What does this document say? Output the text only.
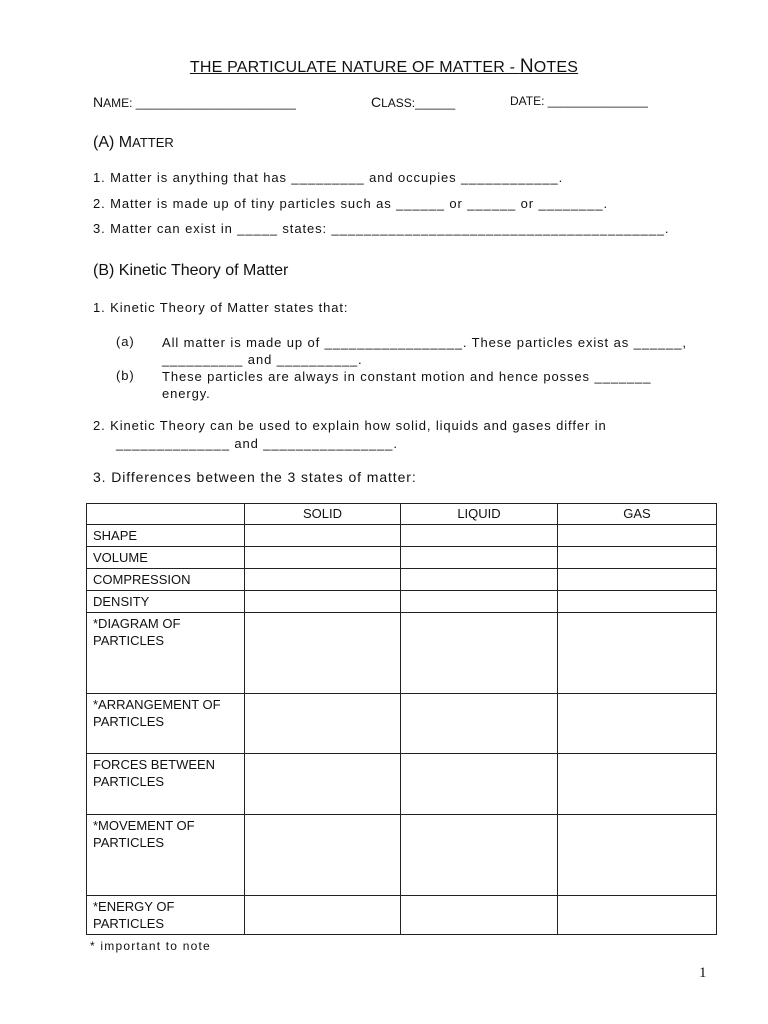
THE PARTICULATE NATURE OF MATTER - NOTES
NAME: ________________________	CLASS:______	DATE: _______________
(A) MATTER
1. Matter is anything that has _________ and occupies ____________.
2. Matter is made up of tiny particles such as ______ or ______ or ________.
3. Matter can exist in _____ states: _________________________________________.
(B) Kinetic Theory of Matter
1. Kinetic Theory of Matter states that:
(a) All matter is made up of _________________. These particles exist as ______, __________ and __________.
(b) These particles are always in constant motion and hence posses _______ energy.
2. Kinetic Theory can be used to explain how solid, liquids and gases differ in
______________ and ________________.
3. Differences between the 3 states of matter:
	SOLID	LIQUID	GAS
SHAPE			
VOLUME			
COMPRESSION			
DENSITY			
*DIAGRAM OF PARTICLES			
*ARRANGEMENT OF PARTICLES			
FORCES BETWEEN PARTICLES			
*MOVEMENT OF PARTICLES			
*ENERGY OF PARTICLES			
* important to note
1
